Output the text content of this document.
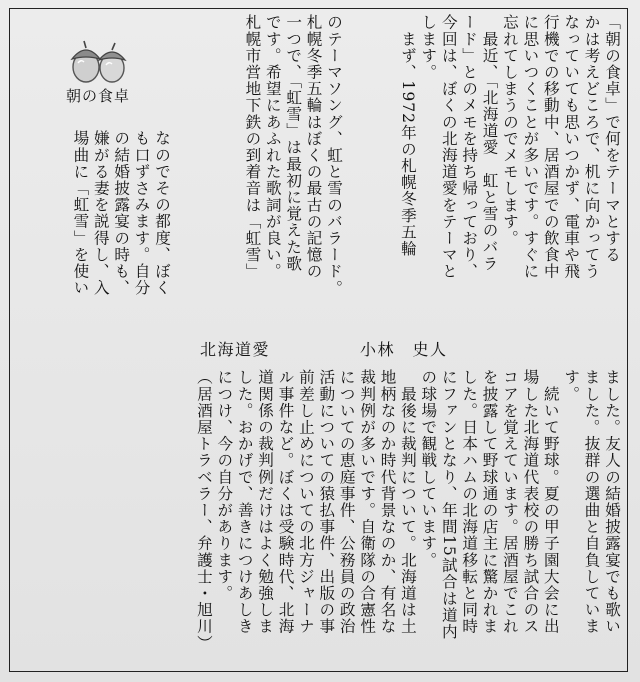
朝の食卓	「朝の食卓」で何をテーマとする
かは考えどころで、机に向かってう
なっていても思いつかず、電車や飛
行機での移動中、居酒屋での飲食中
に思いつくことが多いです。すぐに
忘れてしまうのでメモします。
　最近、「北海道愛　虹と雪のバラ
ード」とのメモを持ち帰っており、
今回は、ぼくの北海道愛をテーマと
します。
　まず、1972年の札幌冬季五輪
のテーマソング、虹と雪のバラード。
札幌冬季五輪はぼくの最古の記憶の
一つで、「虹雪」は最初に覚えた歌
です。希望にあふれた歌詞が良い。
札幌市営地下鉄の到着音は「虹雪」
なのでその都度、ぼく
も口ずさみます。自分
の結婚披露宴の時も、
嫌がる妻を説得し、入
場曲に「虹雪」を使い
北海道愛	小林　史人
ました。友人の結婚披露宴でも歌い
ました。抜群の選曲と自負していま
す。
　続いて野球。夏の甲子園大会に出
場した北海道代表校の勝ち試合のス
コアを覚えています。居酒屋でこれ
を披露して野球通の店主に驚かれま
した。日本ハムの北海道移転と同時
にファンとなり、年間15試合は道内
の球場で観戦しています。
　最後に裁判について。北海道は土
地柄なのか時代背景なのか、有名な
裁判例が多いです。自衛隊の合憲性
についての恵庭事件、公務員の政治
活動についての猿払事件、出版の事
前差し止めについての北方ジャーナ
ル事件など。ぼくは受験時代、北海
道関係の裁判例だけはよく勉強しま
した。おかげで、善きにつけあしき
につけ、今の自分があります。
（居酒屋トラベラー、弁護士・旭川）
